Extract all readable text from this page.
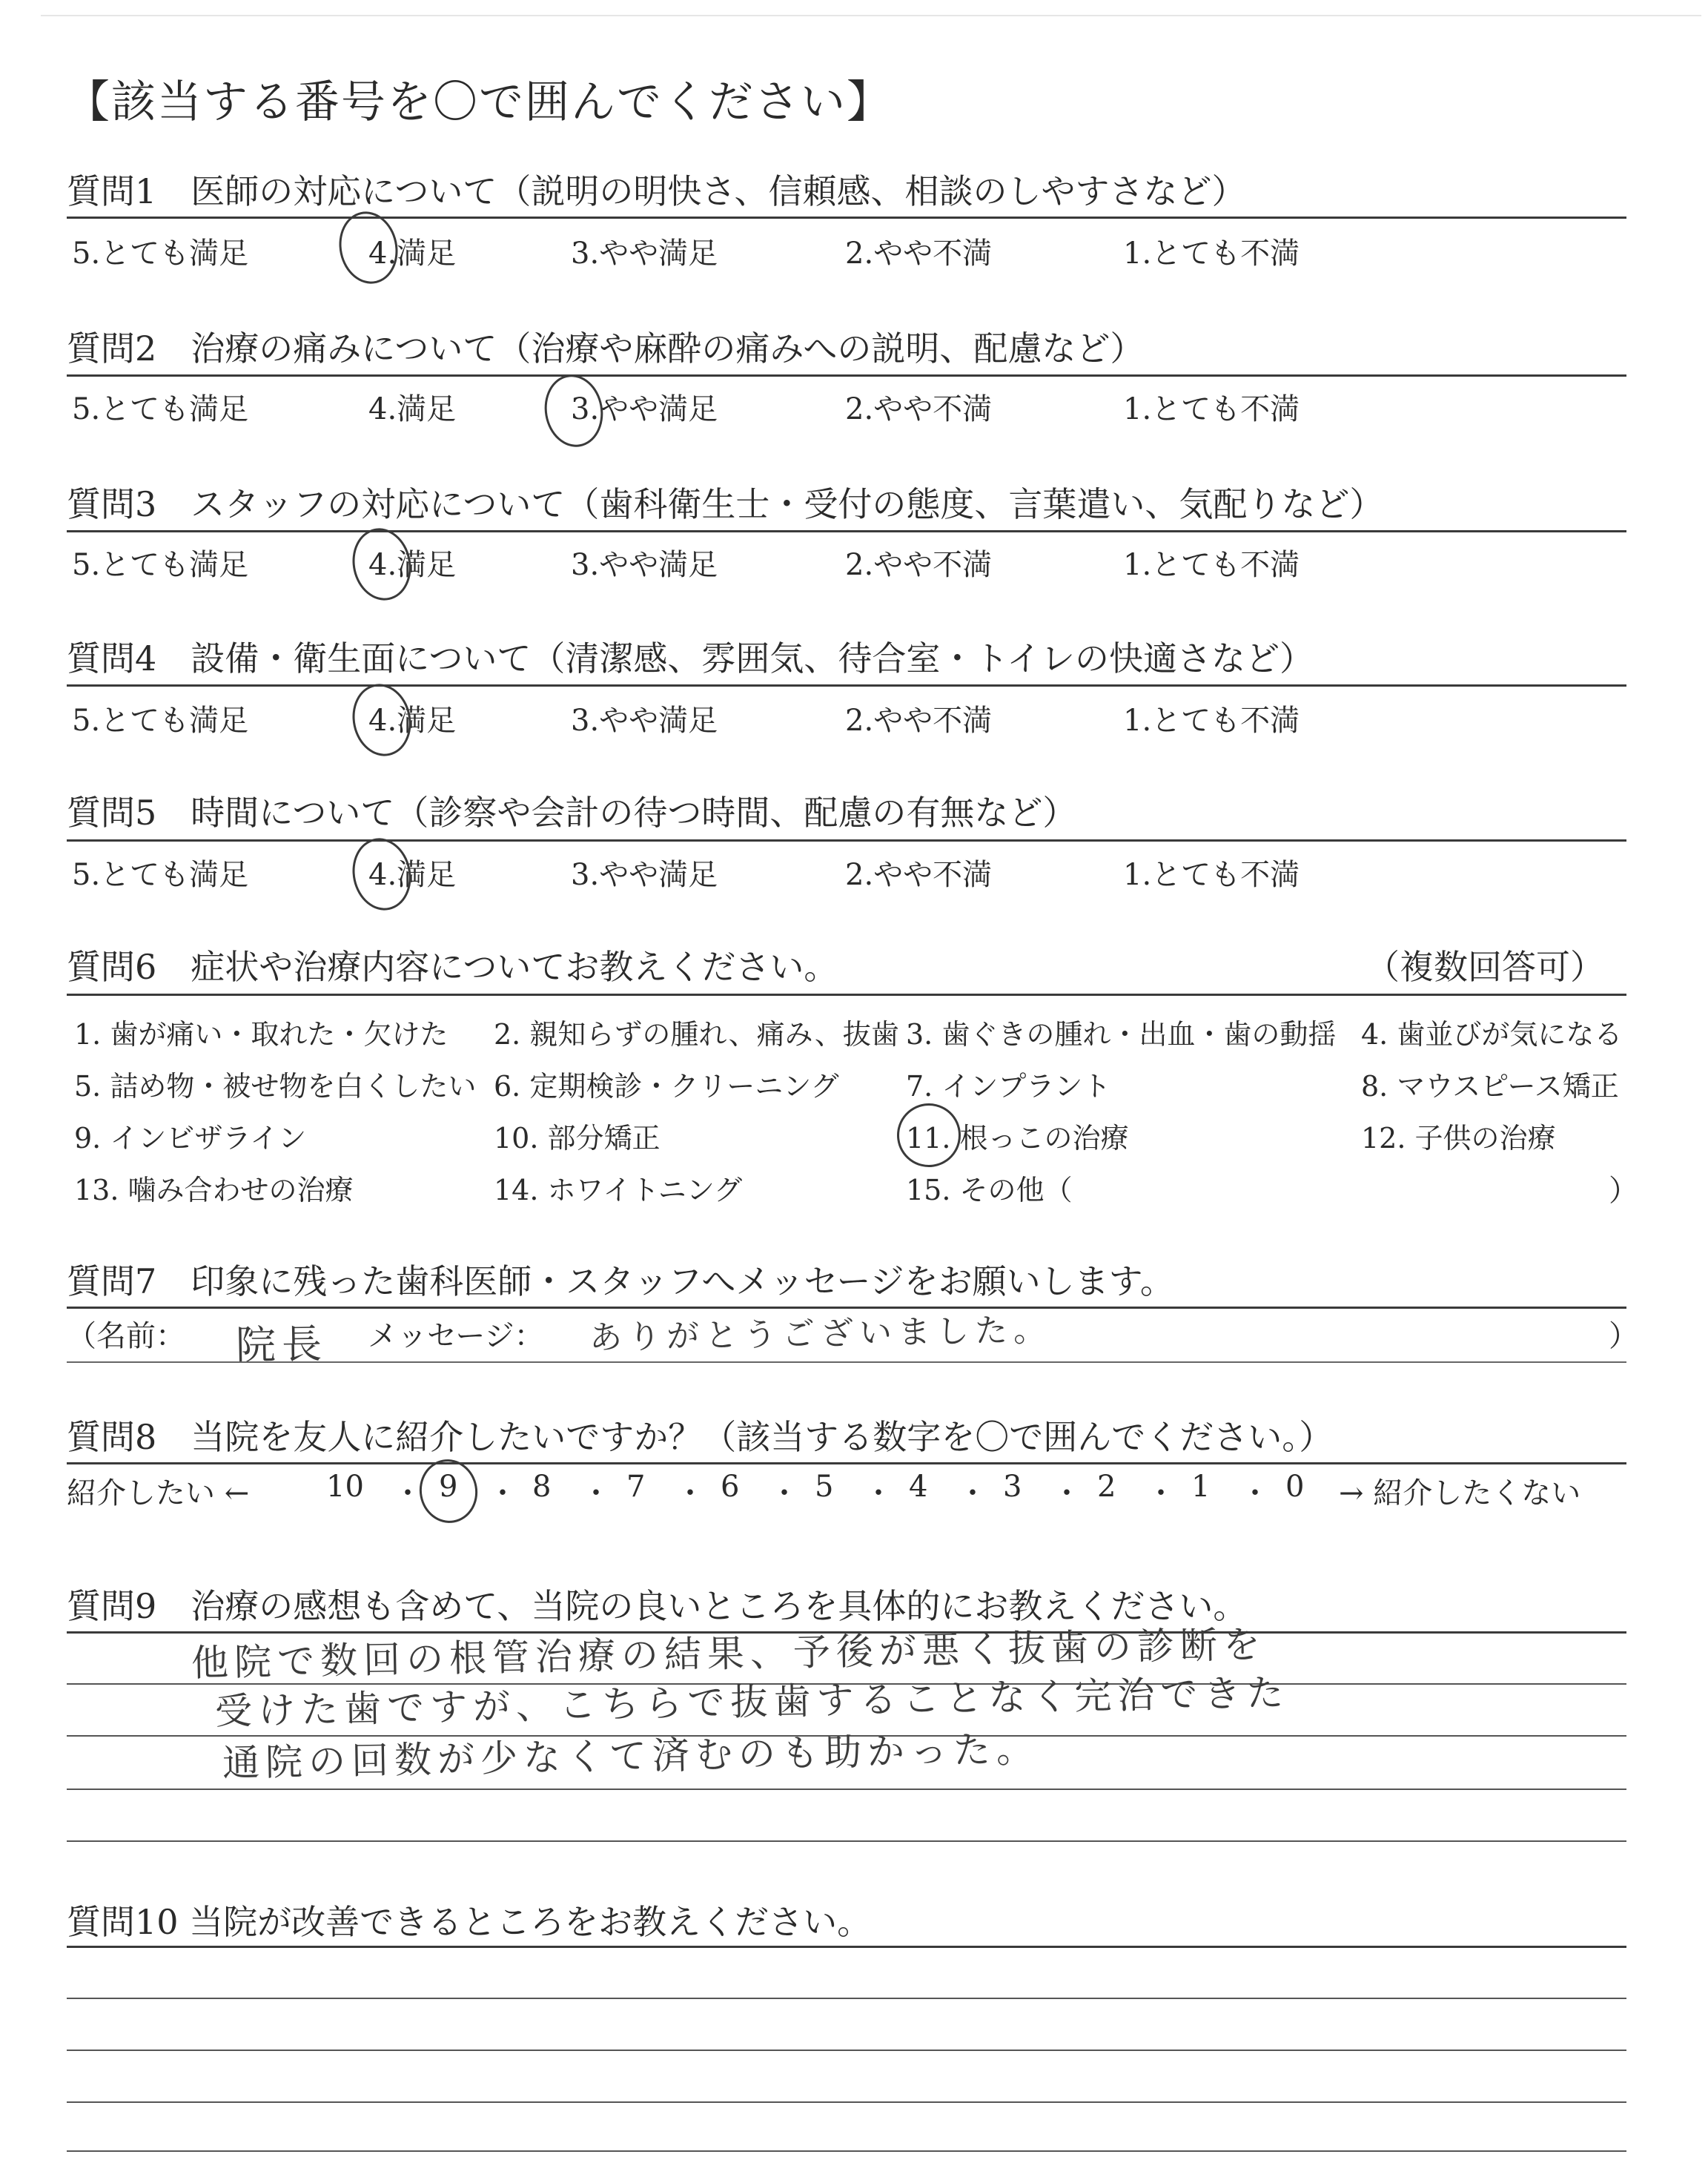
【該当する番号を〇で囲んでください】
質問1　医師の対応について（説明の明快さ、信頼感、相談のしやすさなど）
5.とても満足	4.満足	3.やや満足	2.やや不満	1.とても不満
質問2　治療の痛みについて（治療や麻酔の痛みへの説明、配慮など）
5.とても満足	4.満足	3.やや満足	2.やや不満	1.とても不満
質問3　スタッフの対応について（歯科衛生士・受付の態度、言葉遣い、気配りなど）
5.とても満足	4.満足	3.やや満足	2.やや不満	1.とても不満
質問4　設備・衛生面について（清潔感、雰囲気、待合室・トイレの快適さなど）
5.とても満足	4.満足	3.やや満足	2.やや不満	1.とても不満
質問5　時間について（診察や会計の待つ時間、配慮の有無など）
5.とても満足	4.満足	3.やや満足	2.やや不満	1.とても不満
質問6　症状や治療内容についてお教えください。	（複数回答可）
1. 歯が痛い・取れた・欠けた 2. 親知らずの腫れ、痛み、抜歯 3. 歯ぐきの腫れ・出血・歯の動揺 4. 歯並びが気になる
5. 詰め物・被せ物を白くしたい 6. 定期検診・クリーニング 7. インプラント	8. マウスピース矯正
9. インビザライン	10. 部分矯正	11. 根っこの治療	12. 子供の治療
13. 噛み合わせの治療	14. ホワイトニング	15. その他（	）
質問7　印象に残った歯科医師・スタッフへメッセージをお願いします。
（名前： 院長 メッセージ： ありがとうございました。	）
質問8　当院を友人に紹介したいですか？（該当する数字を〇で囲んでください。）
紹介したい ←	10 ・ 9 ・ 8 ・ 7 ・ 6 ・ 5 ・ 4 ・ 3 ・ 2 ・ 1 ・ 0 → 紹介したくない
質問9　治療の感想も含めて、当院の良いところを具体的にお教えください。
他院で数回の根管治療の結果、予後が悪く抜歯の診断を
受けた歯ですが、こちらで抜歯することなく完治できた
通院の回数が少なくて済むのも助かった。
質問10 当院が改善できるところをお教えください。
